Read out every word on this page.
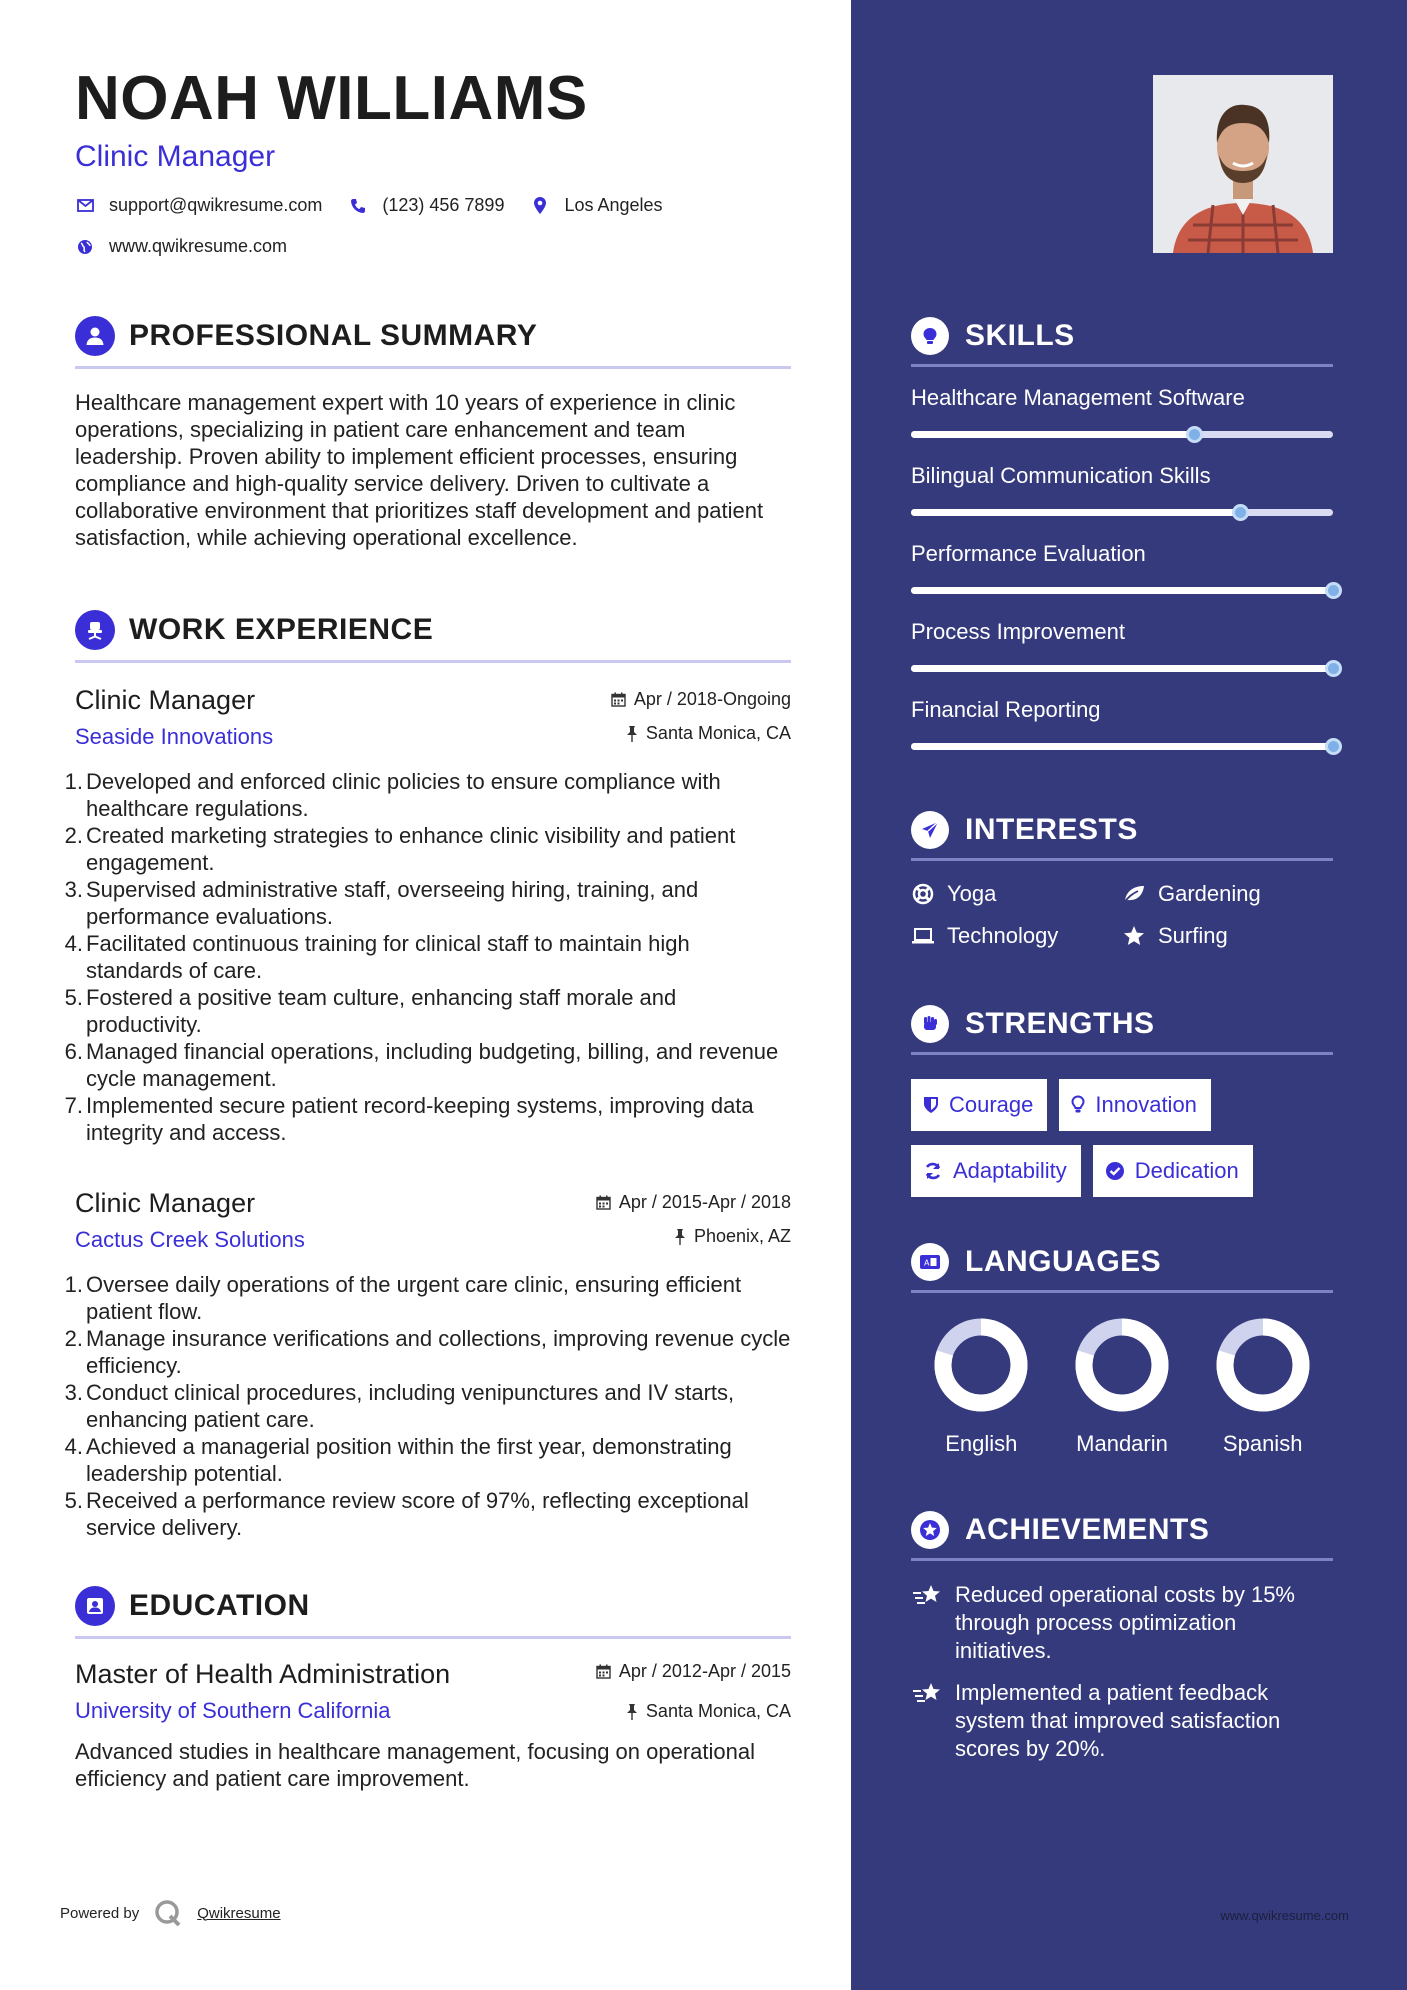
NOAH WILLIAMS
Clinic Manager
support@qwikresume.com	(123) 456 7899	Los Angeles
www.qwikresume.com
PROFESSIONAL SUMMARY
Healthcare management expert with 10 years of experience in clinic operations, specializing in patient care enhancement and team leadership. Proven ability to implement efficient processes, ensuring compliance and high-quality service delivery. Driven to cultivate a collaborative environment that prioritizes staff development and patient satisfaction, while achieving operational excellence.
WORK EXPERIENCE
Apr / 2018-Ongoing
Santa Monica, CA
Clinic Manager
Seaside Innovations
1. Developed and enforced clinic policies to ensure compliance with healthcare regulations.
2. Created marketing strategies to enhance clinic visibility and patient engagement.
3. Supervised administrative staff, overseeing hiring, training, and performance evaluations.
4. Facilitated continuous training for clinical staff to maintain high standards of care.
5. Fostered a positive team culture, enhancing staff morale and productivity.
6. Managed financial operations, including budgeting, billing, and revenue cycle management.
7. Implemented secure patient record-keeping systems, improving data integrity and access.
Apr / 2015-Apr / 2018
Phoenix, AZ
Clinic Manager
Cactus Creek Solutions
1. Oversee daily operations of the urgent care clinic, ensuring efficient patient flow.
2. Manage insurance verifications and collections, improving revenue cycle efficiency.
3. Conduct clinical procedures, including venipunctures and IV starts, enhancing patient care.
4. Achieved a managerial position within the first year, demonstrating leadership potential.
5. Received a performance review score of 97%, reflecting exceptional service delivery.
EDUCATION
Apr / 2012-Apr / 2015
Santa Monica, CA
Master of Health Administration
University of Southern California
Advanced studies in healthcare management, focusing on operational efficiency and patient care improvement.
Powered by	Qwikresume
SKILLS
Healthcare Management Software
Bilingual Communication Skills
Performance Evaluation
Process Improvement
Financial Reporting
INTERESTS
Yoga	Gardening
Technology	Surfing
STRENGTHS
Courage	Innovation
Adaptability	Dedication
A LANGUAGES
English	Mandarin	Spanish
ACHIEVEMENTS
Reduced operational costs by 15% through process optimization initiatives.
Implemented a patient feedback system that improved satisfaction scores by 20%.
www.qwikresume.com
